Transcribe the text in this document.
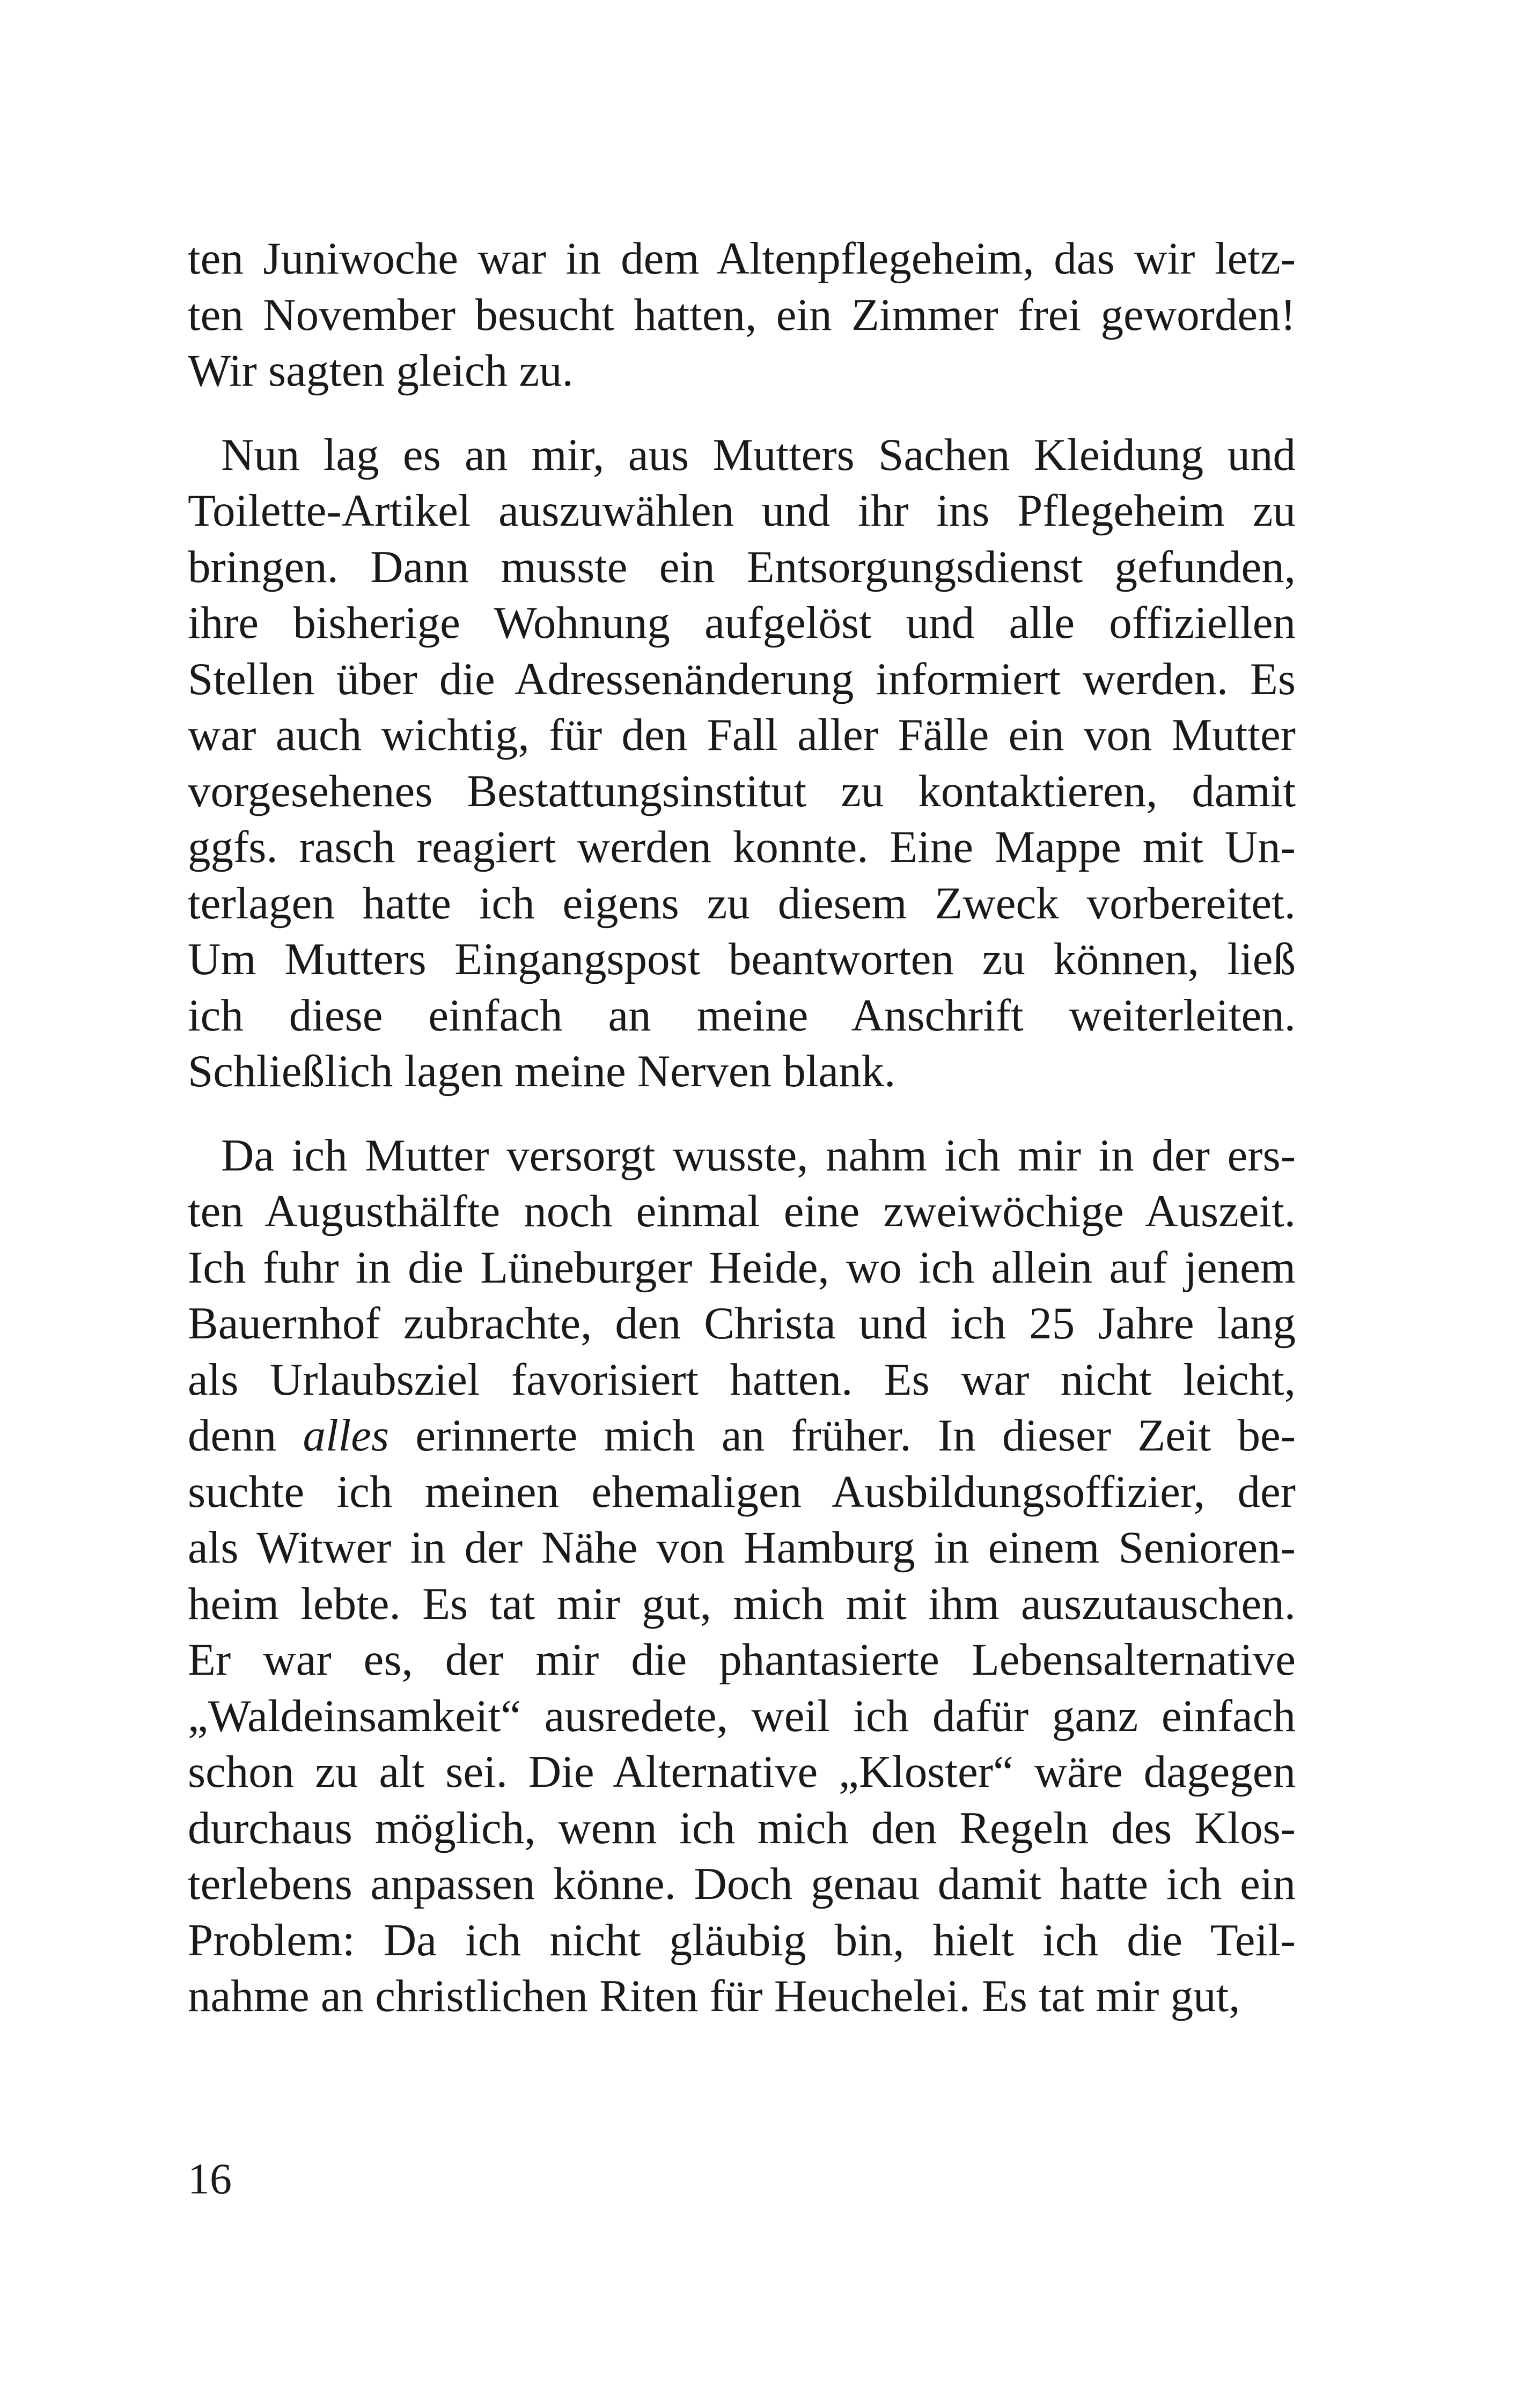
ten Juniwoche war in dem Altenpflegeheim, das wir letz-
ten November besucht hatten, ein Zimmer frei geworden!
Wir sagten gleich zu.
Nun lag es an mir, aus Mutters Sachen Kleidung und
Toilette-Artikel auszuwählen und ihr ins Pflegeheim zu
bringen. Dann musste ein Entsorgungsdienst gefunden,
ihre bisherige Wohnung aufgelöst und alle offiziellen
Stellen über die Adressenänderung informiert werden. Es
war auch wichtig, für den Fall aller Fälle ein von Mutter
vorgesehenes Bestattungsinstitut zu kontaktieren, damit
ggfs. rasch reagiert werden konnte. Eine Mappe mit Un-
terlagen hatte ich eigens zu diesem Zweck vorbereitet.
Um Mutters Eingangspost beantworten zu können, ließ
ich diese einfach an meine Anschrift weiterleiten.
Schließlich lagen meine Nerven blank.
Da ich Mutter versorgt wusste, nahm ich mir in der ers-
ten Augusthälfte noch einmal eine zweiwöchige Auszeit.
Ich fuhr in die Lüneburger Heide, wo ich allein auf jenem
Bauernhof zubrachte, den Christa und ich 25 Jahre lang
als Urlaubsziel favorisiert hatten. Es war nicht leicht,
denn alles erinnerte mich an früher. In dieser Zeit be-
suchte ich meinen ehemaligen Ausbildungsoffizier, der
als Witwer in der Nähe von Hamburg in einem Senioren-
heim lebte. Es tat mir gut, mich mit ihm auszutauschen.
Er war es, der mir die phantasierte Lebensalternative
„Waldeinsamkeit“ ausredete, weil ich dafür ganz einfach
schon zu alt sei. Die Alternative „Kloster“ wäre dagegen
durchaus möglich, wenn ich mich den Regeln des Klos-
terlebens anpassen könne. Doch genau damit hatte ich ein
Problem: Da ich nicht gläubig bin, hielt ich die Teil-
nahme an christlichen Riten für Heuchelei. Es tat mir gut,
16
